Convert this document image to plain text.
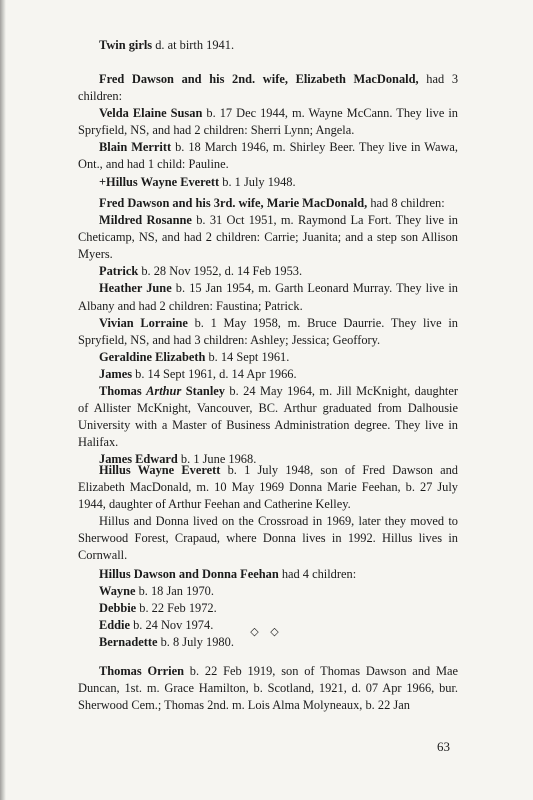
Twin girls d. at birth 1941.

Fred Dawson and his 2nd. wife, Elizabeth MacDonald, had 3 children:

Velda Elaine Susan b. 17 Dec 1944, m. Wayne McCann. They live in Spryfield, NS, and had 2 children: Sherri Lynn; Angela.

Blain Merritt b. 18 March 1946, m. Shirley Beer. They live in Wawa, Ont., and had 1 child: Pauline.

+Hillus Wayne Everett b. 1 July 1948.

Fred Dawson and his 3rd. wife, Marie MacDonald, had 8 children:

Mildred Rosanne b. 31 Oct 1951, m. Raymond La Fort. They live in Cheticamp, NS, and had 2 children: Carrie; Juanita; and a step son Allison Myers.

Patrick b. 28 Nov 1952, d. 14 Feb 1953.

Heather June b. 15 Jan 1954, m. Garth Leonard Murray. They live in Albany and had 2 children: Faustina; Patrick.

Vivian Lorraine b. 1 May 1958, m. Bruce Daurrie. They live in Spryfield, NS, and had 3 children: Ashley; Jessica; Geoffory.

Geraldine Elizabeth b. 14 Sept 1961.

James b. 14 Sept 1961, d. 14 Apr 1966.

Thomas Arthur Stanley b. 24 May 1964, m. Jill McKnight, daughter of Allister McKnight, Vancouver, BC. Arthur graduated from Dalhousie University with a Master of Business Administration degree. They live in Halifax.

James Edward b. 1 June 1968.

Hillus Wayne Everett b. 1 July 1948, son of Fred Dawson and Elizabeth MacDonald, m. 10 May 1969 Donna Marie Feehan, b. 27 July 1944, daughter of Arthur Feehan and Catherine Kelley.

Hillus and Donna lived on the Crossroad in 1969, later they moved to Sherwood Forest, Crapaud, where Donna lives in 1992. Hillus lives in Cornwall.

Hillus Dawson and Donna Feehan had 4 children:

Wayne b. 18 Jan 1970.

Debbie b. 22 Feb 1972.

Eddie b. 24 Nov 1974.

Bernadette b. 8 July 1980.

◇ ◇

Thomas Orrien b. 22 Feb 1919, son of Thomas Dawson and Mae Duncan, 1st. m. Grace Hamilton, b. Scotland, 1921, d. 07 Apr 1966, bur. Sherwood Cem.; Thomas 2nd. m. Lois Alma Molyneaux, b. 22 Jan

63
